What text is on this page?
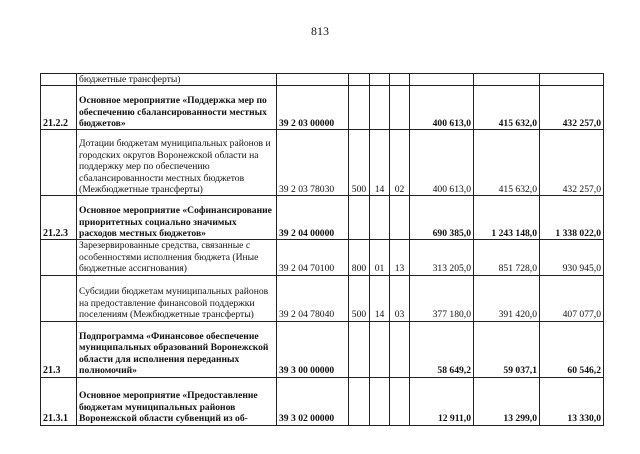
813
	бюджетные трансферты)							
21.2.2	Основное мероприятие «Поддержка мер по обеспечению сбалансированности местных бюджетов»	39 2 03 00000				400 613,0	415 632,0	432 257,0
	Дотации бюджетам муниципальных районов и городских округов Воронежской области на поддержку мер по обеспечению сбалансированности местных бюджетов (Межбюджетные трансферты)	39 2 03 78030	500	14	02	400 613,0	415 632,0	432 257,0
21.2.3	Основное мероприятие «Софинансирование приоритетных социально значимых расходов местных бюджетов»	39 2 04 00000				690 385,0	1 243 148,0	1 338 022,0
	Зарезервированные средства, связанные с особенностями исполнения бюджета (Иные бюджетные ассигнования)	39 2 04 70100	800	01	13	313 205,0	851 728,0	930 945,0
	Субсидии бюджетам муниципальных районов на предоставление финансовой поддержки поселениям (Межбюджетные трансферты)	39 2 04 78040	500	14	03	377 180,0	391 420,0	407 077,0
21.3	Подпрограмма «Финансовое обеспечение муниципальных образований Воронежской области для исполнения переданных полномочий»	39 3 00 00000				58 649,2	59 037,1	60 546,2
21.3.1	Основное мероприятие «Предоставление бюджетам муниципальных районов Воронежской области субвенций из об-	39 3 02 00000				12 911,0	13 299,0	13 330,0
